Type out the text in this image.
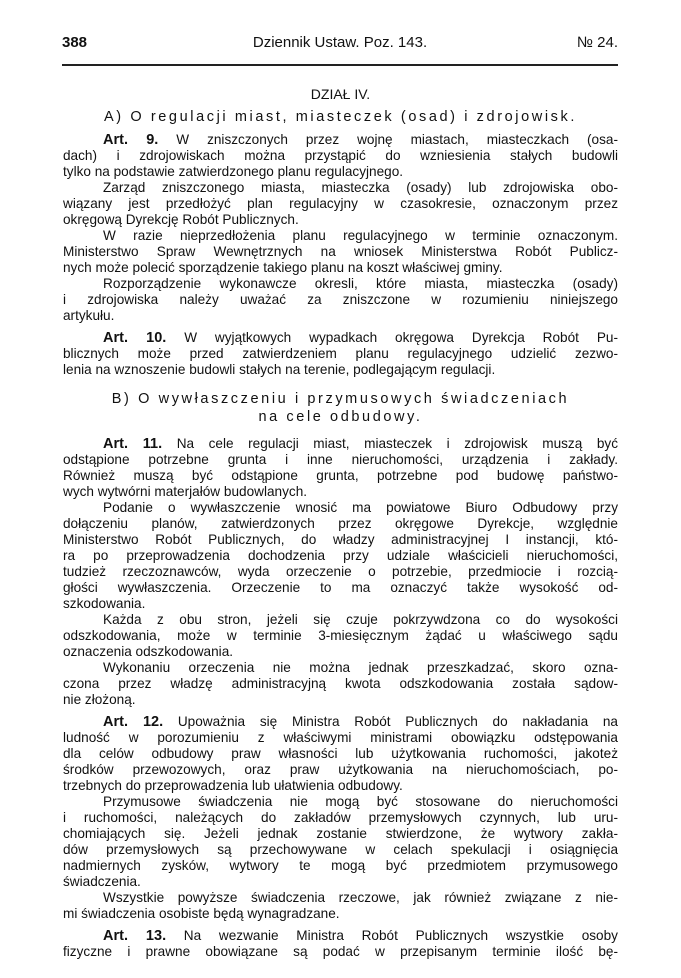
388	Dziennik Ustaw. Poz. 143.	№ 24.
DZIAŁ IV.
A) O regulacji miast, miasteczek (osad) i zdrojowisk.
Art. 9. W zniszczonych przez wojnę miastach, miasteczkach (osa-
dach) i zdrojowiskach można przystąpić do wzniesienia stałych budowli
tylko na podstawie zatwierdzonego planu regulacyjnego.
Zarząd zniszczonego miasta, miasteczka (osady) lub zdrojowiska obo-
wiązany jest przedłożyć plan regulacyjny w czasokresie, oznaczonym przez
okręgową Dyrekcję Robót Publicznych.
W razie nieprzedłożenia planu regulacyjnego w terminie oznaczonym.
Ministerstwo Spraw Wewnętrznych na wniosek Ministerstwa Robót Publicz-
nych może polecić sporządzenie takiego planu na koszt właściwej gminy.
Rozporządzenie wykonawcze okresli, które miasta, miasteczka (osady)
i zdrojowiska należy uważać za zniszczone w rozumieniu niniejszego
artykułu.
Art. 10. W wyjątkowych wypadkach okręgowa Dyrekcja Robót Pu-
blicznych może przed zatwierdzeniem planu regulacyjnego udzielić zezwo-
lenia na wznoszenie budowli stałych na terenie, podlegającym regulacji.
B) O wywłaszczeniu i przymusowych świadczeniach
na cele odbudowy.
Art. 11. Na cele regulacji miast, miasteczek i zdrojowisk muszą być
odstąpione potrzebne grunta i inne nieruchomości, urządzenia i zakłady.
Również muszą być odstąpione grunta, potrzebne pod budowę państwo-
wych wytwórni materjałów budowlanych.
Podanie o wywłaszczenie wnosić ma powiatowe Biuro Odbudowy przy
dołączeniu planów, zatwierdzonych przez okręgowe Dyrekcje, względnie
Ministerstwo Robót Publicznych, do władzy administracyjnej I instancji, któ-
ra po przeprowadzenia dochodzenia przy udziale właścicieli nieruchomości,
tudzież rzeczoznawców, wyda orzeczenie o potrzebie, przedmiocie i rozcią-
głości wywłaszczenia. Orzeczenie to ma oznaczyć także wysokość od-
szkodowania.
Każda z obu stron, jeżeli się czuje pokrzywdzona co do wysokości
odszkodowania, może w terminie 3-miesięcznym żądać u właściwego sądu
oznaczenia odszkodowania.
Wykonaniu orzeczenia nie można jednak przeszkadzać, skoro ozna-
czona przez władzę administracyjną kwota odszkodowania została sądow-
nie złożoną.
Art. 12. Upoważnia się Ministra Robót Publicznych do nakładania na
ludność w porozumieniu z właściwymi ministrami obowiązku odstępowania
dla celów odbudowy praw własności lub użytkowania ruchomości, jakoteż
środków przewozowych, oraz praw użytkowania na nieruchomościach, po-
trzebnych do przeprowadzenia lub ułatwienia odbudowy.
Przymusowe świadczenia nie mogą być stosowane do nieruchomości
i ruchomości, należących do zakładów przemysłowych czynnych, lub uru-
chomiających się. Jeżeli jednak zostanie stwierdzone, że wytwory zakła-
dów przemysłowych są przechowywane w celach spekulacji i osiągnięcia
nadmiernych zysków, wytwory te mogą być przedmiotem przymusowego
świadczenia.
Wszystkie powyższe świadczenia rzeczowe, jak również związane z nie-
mi świadczenia osobiste będą wynagradzane.
Art. 13. Na wezwanie Ministra Robót Publicznych wszystkie osoby
fizyczne i prawne obowiązane są podać w przepisanym terminie ilość bę-
